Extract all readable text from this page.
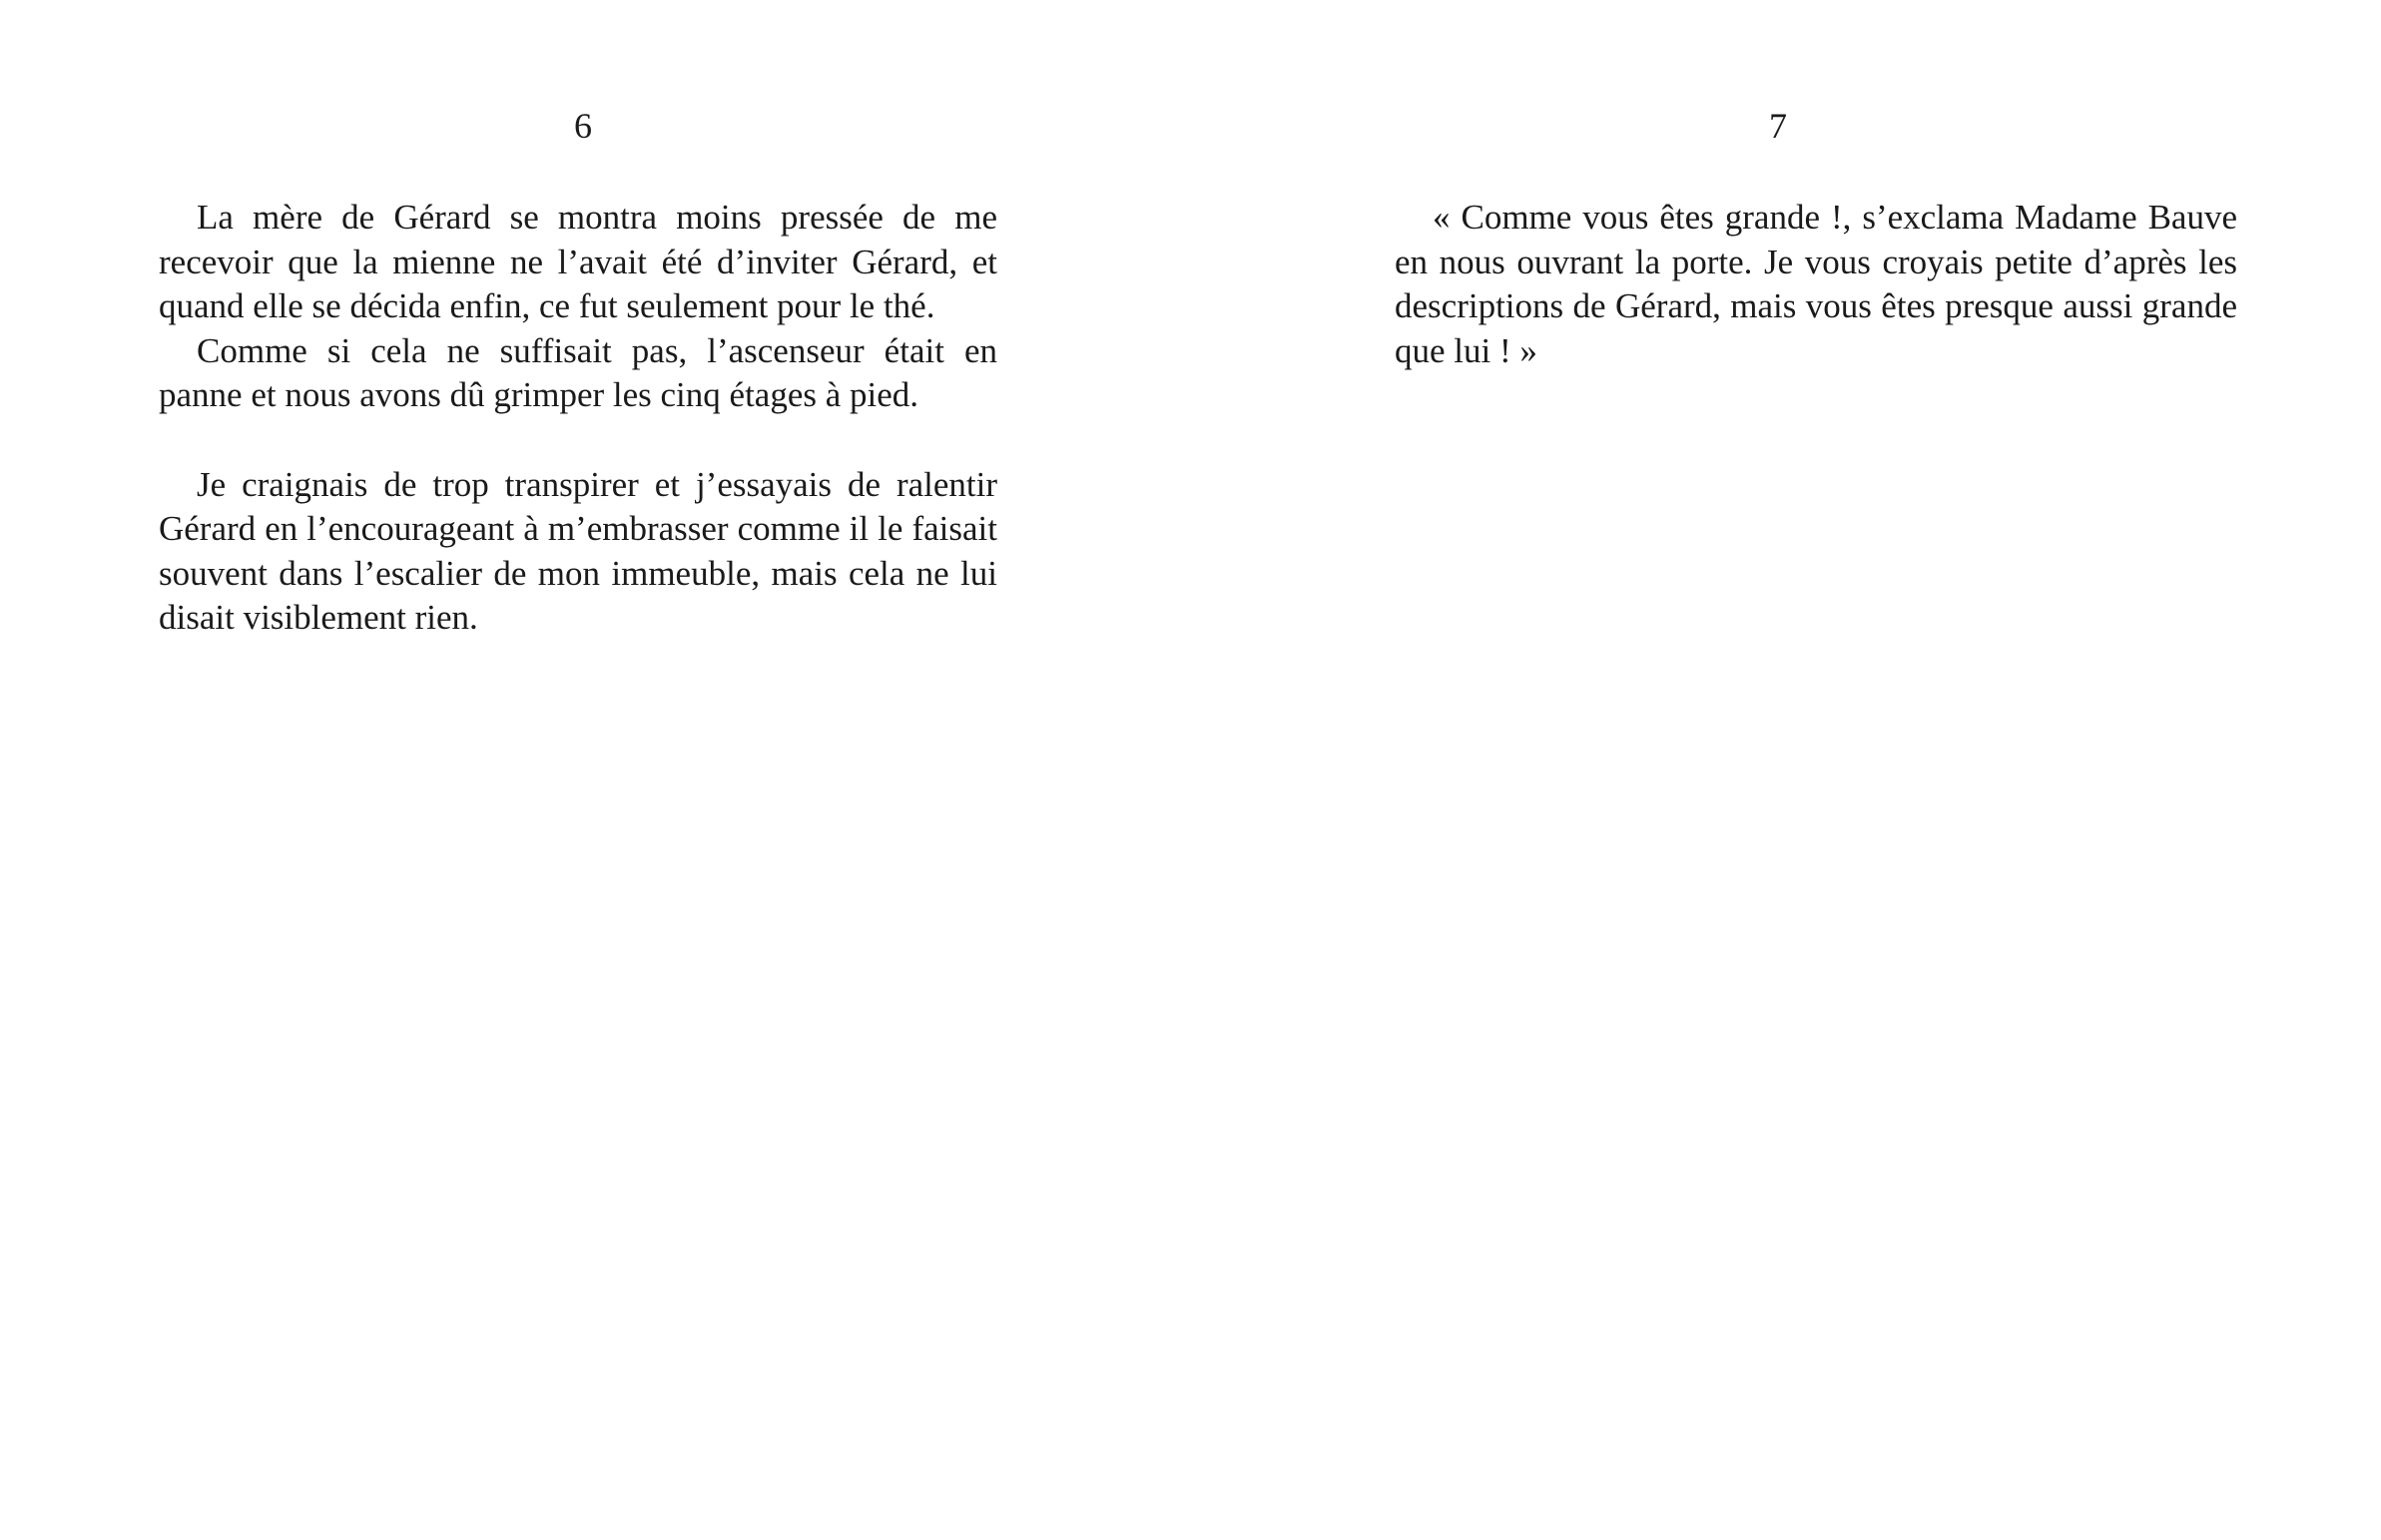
6

La mère de Gérard se montra moins pressée de me recevoir que la mienne ne l’avait été d’inviter Gérard, et quand elle se décida enfin, ce fut seulement pour le thé.

Comme si cela ne suffisait pas, l’ascenseur était en panne et nous avons dû grimper les cinq étages à pied.

Je craignais de trop transpirer et j’essayais de ralentir Gérard en l’encourageant à m’embrasser comme il le faisait souvent dans l’escalier de mon immeuble, mais cela ne lui disait visiblement rien.

7

« Comme vous êtes grande !, s’exclama Madame Bauve en nous ouvrant la porte. Je vous croyais petite d’après les descriptions de Gérard, mais vous êtes presque aussi grande que lui ! »
